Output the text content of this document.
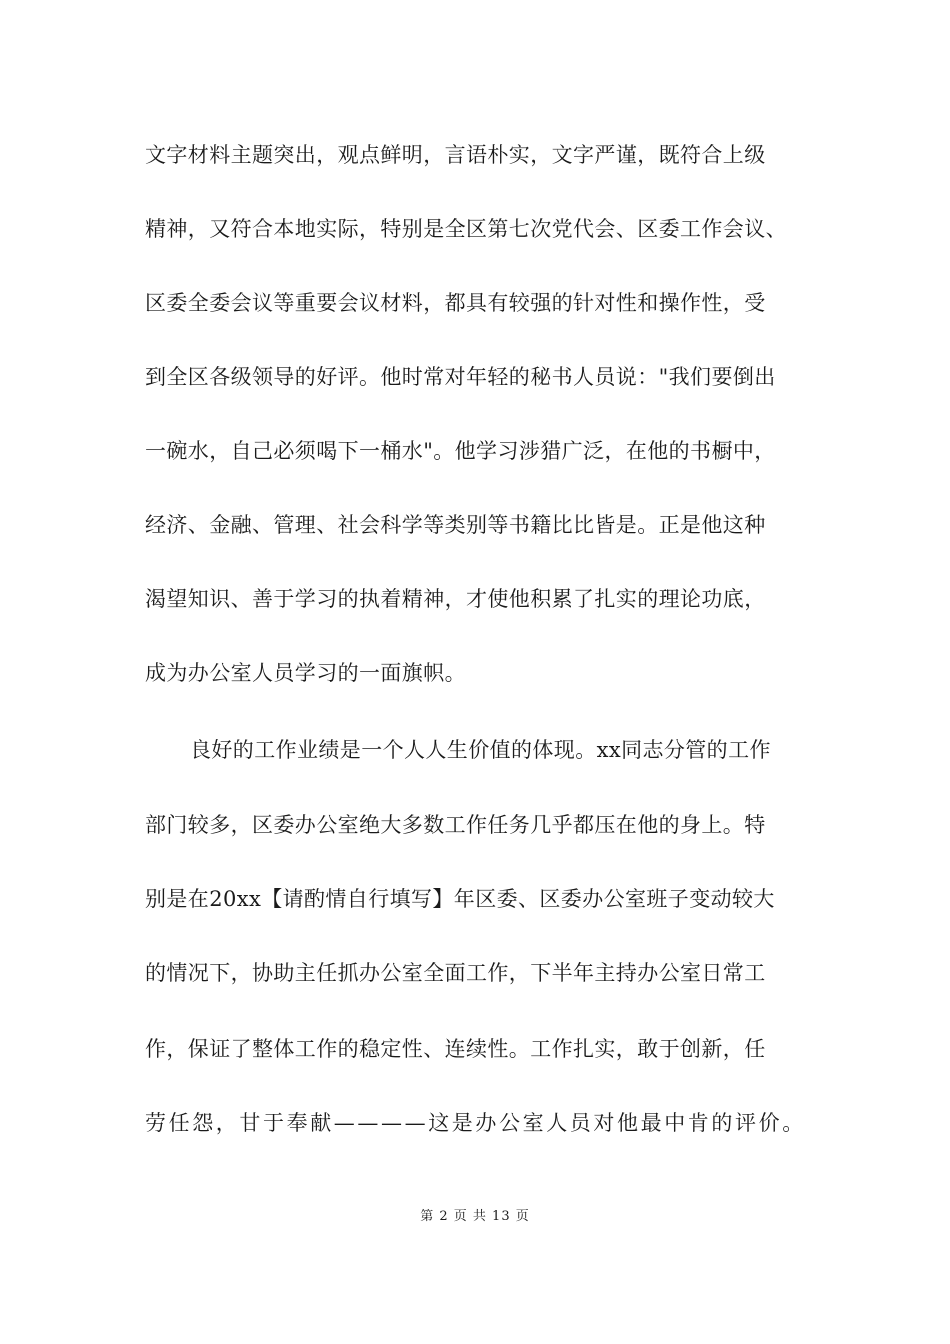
文字材料主题突出，观点鲜明，言语朴实，文字严谨，既符合上级
精神，又符合本地实际，特别是全区第七次党代会、区委工作会议、
区委全委会议等重要会议材料，都具有较强的针对性和操作性，受
到全区各级领导的好评。他时常对年轻的秘书人员说："我们要倒出
一碗水，自己必须喝下一桶水"。他学习涉猎广泛，在他的书橱中，
经济、金融、管理、社会科学等类别等书籍比比皆是。正是他这种
渴望知识、善于学习的执着精神，才使他积累了扎实的理论功底，
成为办公室人员学习的一面旗帜。
良好的工作业绩是一个人人生价值的体现。xx同志分管的工作
部门较多，区委办公室绝大多数工作任务几乎都压在他的身上。特
别是在20xx【请酌情自行填写】年区委、区委办公室班子变动较大
的情况下，协助主任抓办公室全面工作，下半年主持办公室日常工
作，保证了整体工作的稳定性、连续性。工作扎实，敢于创新，任
劳任怨，甘于奉献————这是办公室人员对他最中肯的评价。
第 2 页 共 13 页
